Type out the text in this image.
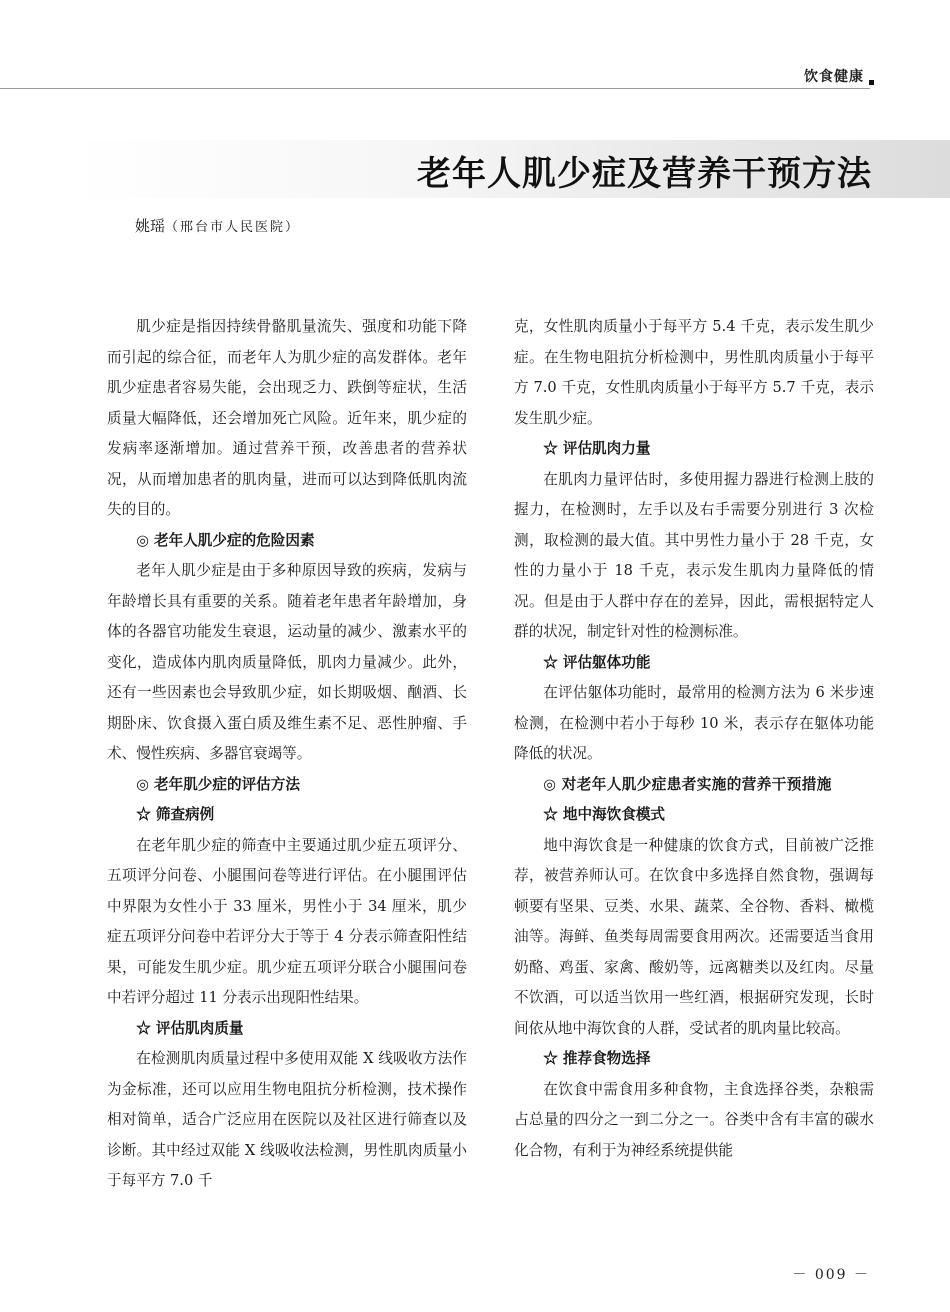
饮食健康
老年人肌少症及营养干预方法
姚瑶（邢台市人民医院）

肌少症是指因持续骨骼肌量流失、强度和功能下降而引起的综合征，而老年人为肌少症的高发群体。老年肌少症患者容易失能，会出现乏力、跌倒等症状，生活质量大幅降低，还会增加死亡风险。近年来，肌少症的发病率逐渐增加。通过营养干预，改善患者的营养状况，从而增加患者的肌肉量，进而可以达到降低肌肉流失的目的。

◎ 老年人肌少症的危险因素

老年人肌少症是由于多种原因导致的疾病，发病与年龄增长具有重要的关系。随着老年患者年龄增加，身体的各器官功能发生衰退，运动量的减少、激素水平的变化，造成体内肌肉质量降低，肌肉力量减少。此外，还有一些因素也会导致肌少症，如长期吸烟、酗酒、长期卧床、饮食摄入蛋白质及维生素不足、恶性肿瘤、手术、慢性疾病、多器官衰竭等。

◎ 老年肌少症的评估方法
☆ 筛查病例

在老年肌少症的筛查中主要通过肌少症五项评分、五项评分问卷、小腿围问卷等进行评估。在小腿围评估中界限为女性小于 33 厘米，男性小于 34 厘米，肌少症五项评分问卷中若评分大于等于 4 分表示筛查阳性结果，可能发生肌少症。肌少症五项评分联合小腿围问卷中若评分超过 11 分表示出现阳性结果。

☆ 评估肌肉质量

在检测肌肉质量过程中多使用双能 X 线吸收方法作为金标准，还可以应用生物电阻抗分析检测，技术操作相对简单，适合广泛应用在医院以及社区进行筛查以及诊断。其中经过双能 X 线吸收法检测，男性肌肉质量小于每平方 7.0 千

克，女性肌肉质量小于每平方 5.4 千克，表示发生肌少症。在生物电阻抗分析检测中，男性肌肉质量小于每平方 7.0 千克，女性肌肉质量小于每平方 5.7 千克，表示发生肌少症。

☆ 评估肌肉力量

在肌肉力量评估时，多使用握力器进行检测上肢的握力，在检测时，左手以及右手需要分别进行 3 次检测，取检测的最大值。其中男性力量小于 28 千克，女性的力量小于 18 千克，表示发生肌肉力量降低的情况。但是由于人群中存在的差异，因此，需根据特定人群的状况，制定针对性的检测标准。

☆ 评估躯体功能

在评估躯体功能时，最常用的检测方法为 6 米步速检测，在检测中若小于每秒 10 米，表示存在躯体功能降低的状况。

◎ 对老年人肌少症患者实施的营养干预措施
☆ 地中海饮食模式

地中海饮食是一种健康的饮食方式，目前被广泛推荐，被营养师认可。在饮食中多选择自然食物，强调每顿要有坚果、豆类、水果、蔬菜、全谷物、香料、橄榄油等。海鲜、鱼类每周需要食用两次。还需要适当食用奶酪、鸡蛋、家禽、酸奶等，远离糖类以及红肉。尽量不饮酒，可以适当饮用一些红酒，根据研究发现，长时间依从地中海饮食的人群，受试者的肌肉量比较高。

☆ 推荐食物选择

在饮食中需食用多种食物，主食选择谷类，杂粮需占总量的四分之一到二分之一。谷类中含有丰富的碳水化合物，有利于为神经系统提供能

－ 009 －
